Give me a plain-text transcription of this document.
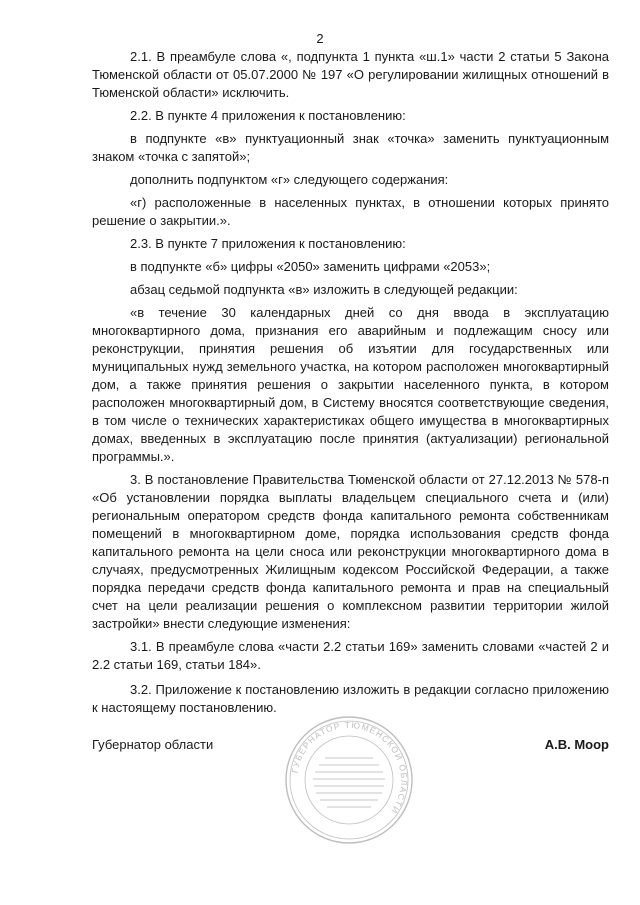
2

2.1. В преамбуле слова «, подпункта 1 пункта «ш.1» части 2 статьи 5 Закона Тюменской области от 05.07.2000 № 197 «О регулировании жилищных отношений в Тюменской области» исключить.

2.2. В пункте 4 приложения к постановлению:

в подпункте «в» пунктуационный знак «точка» заменить пунктуационным знаком «точка с запятой»;

дополнить подпунктом «г» следующего содержания:

«г) расположенные в населенных пунктах, в отношении которых принято решение о закрытии.».

2.3. В пункте 7 приложения к постановлению:

в подпункте «б» цифры «2050» заменить цифрами «2053»;

абзац седьмой подпункта «в» изложить в следующей редакции:

«в течение 30 календарных дней со дня ввода в эксплуатацию многоквартирного дома, признания его аварийным и подлежащим сносу или реконструкции, принятия решения об изъятии для государственных или муниципальных нужд земельного участка, на котором расположен многоквартирный дом, а также принятия решения о закрытии населенного пункта, в котором расположен многоквартирный дом, в Систему вносятся соответствующие сведения, в том числе о технических характеристиках общего имущества в многоквартирных домах, введенных в эксплуатацию после принятия (актуализации) региональной программы.».

3. В постановление Правительства Тюменской области от 27.12.2013 № 578-п «Об установлении порядка выплаты владельцем специального счета и (или) региональным оператором средств фонда капитального ремонта собственникам помещений в многоквартирном доме, порядка использования средств фонда капитального ремонта на цели сноса или реконструкции многоквартирного дома в случаях, предусмотренных Жилищным кодексом Российской Федерации, а также порядка передачи средств фонда капитального ремонта и прав на специальный счет на цели реализации решения о комплексном развитии территории жилой застройки» внести следующие изменения:

3.1. В преамбуле слова «части 2.2 статьи 169» заменить словами «частей 2 и 2.2 статьи 169, статьи 184».

3.2. Приложение к постановлению изложить в редакции согласно приложению к настоящему постановлению.

Губернатор области	А.В. Моор
ГУБЕРНАТОР ТЮМЕНСКОЙ ОБЛАСТИ
